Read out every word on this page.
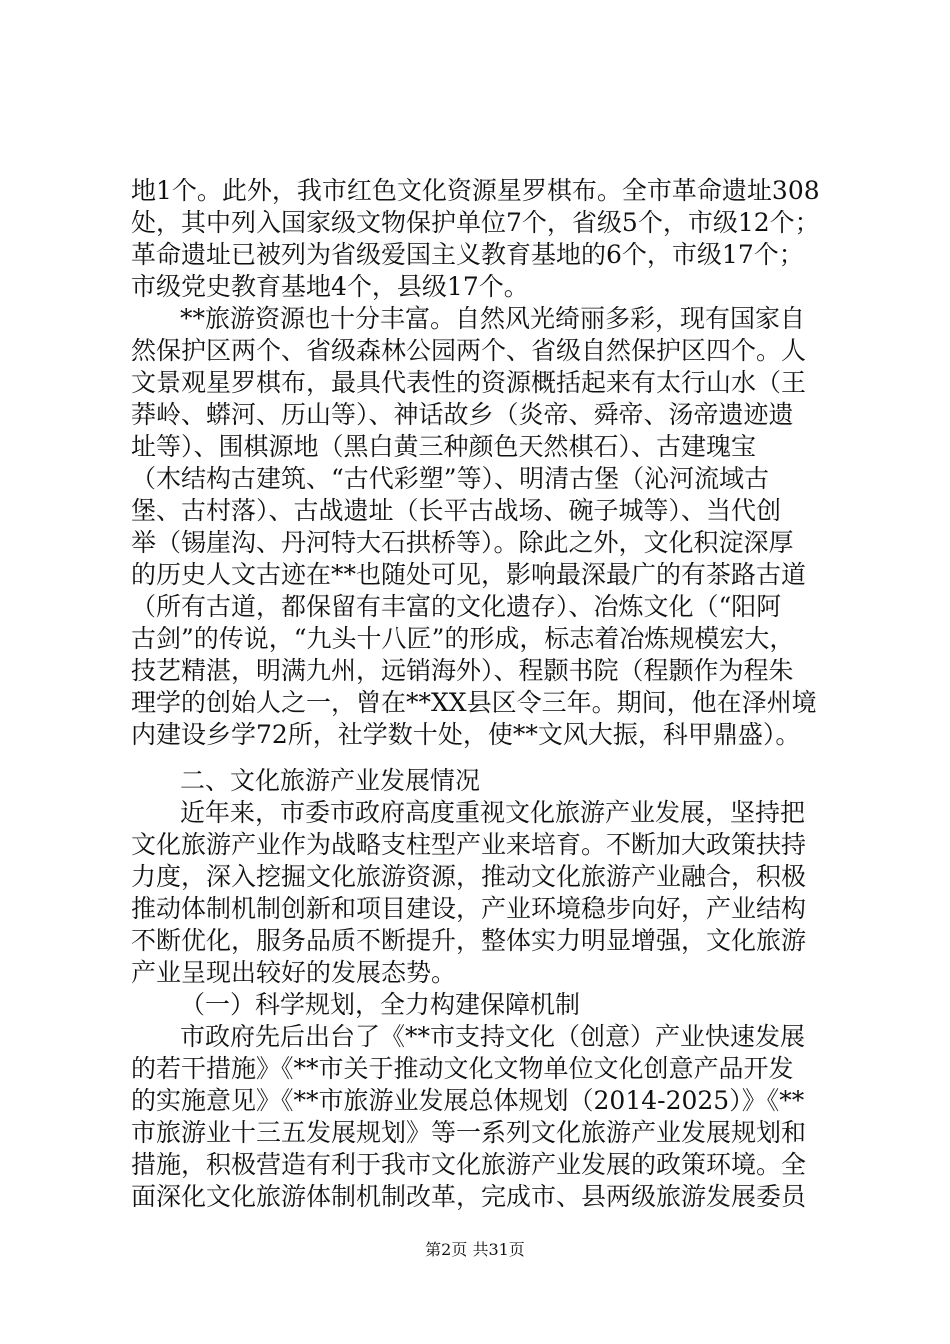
地1个。此外，我市红色文化资源星罗棋布。全市革命遗址308
处，其中列入国家级文物保护单位7个，省级5个，市级12个；
革命遗址已被列为省级爱国主义教育基地的6个，市级17个；
市级党史教育基地4个，县级17个。
**旅游资源也十分丰富。自然风光绮丽多彩，现有国家自
然保护区两个、省级森林公园两个、省级自然保护区四个。人
文景观星罗棋布，最具代表性的资源概括起来有太行山水（王
莽岭、蟒河、历山等）、神话故乡（炎帝、舜帝、汤帝遗迹遗
址等）、围棋源地（黑白黄三种颜色天然棋石）、古建瑰宝
（木结构古建筑、“古代彩塑”等）、明清古堡（沁河流域古
堡、古村落）、古战遗址（长平古战场、碗子城等）、当代创
举（锡崖沟、丹河特大石拱桥等）。除此之外，文化积淀深厚
的历史人文古迹在**也随处可见，影响最深最广的有茶路古道
（所有古道，都保留有丰富的文化遗存）、冶炼文化（“阳阿
古剑”的传说，“九头十八匠”的形成，标志着冶炼规模宏大，
技艺精湛，明满九州，远销海外）、程颢书院（程颢作为程朱
理学的创始人之一，曾在**XX县区令三年。期间，他在泽州境
内建设乡学72所，社学数十处，使**文风大振，科甲鼎盛）。
二、文化旅游产业发展情况
近年来，市委市政府高度重视文化旅游产业发展，坚持把
文化旅游产业作为战略支柱型产业来培育。不断加大政策扶持
力度，深入挖掘文化旅游资源，推动文化旅游产业融合，积极
推动体制机制创新和项目建设，产业环境稳步向好，产业结构
不断优化，服务品质不断提升，整体实力明显增强，文化旅游
产业呈现出较好的发展态势。
（一）科学规划，全力构建保障机制
市政府先后出台了《**市支持文化（创意）产业快速发展
的若干措施》《**市关于推动文化文物单位文化创意产品开发
的实施意见》《**市旅游业发展总体规划（2014-2025）》《**
市旅游业十三五发展规划》等一系列文化旅游产业发展规划和
措施，积极营造有利于我市文化旅游产业发展的政策环境。全
面深化文化旅游体制机制改革，完成市、县两级旅游发展委员
第2页 共31页
